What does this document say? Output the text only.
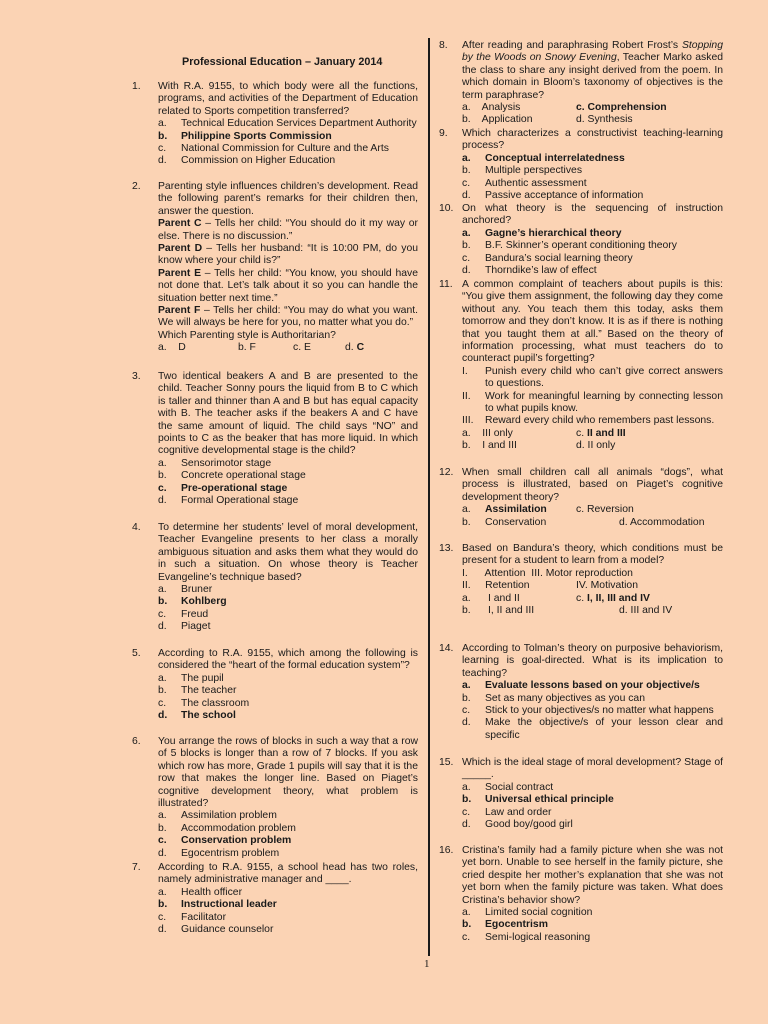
Professional Education – January 2014
1. With R.A. 9155, to which body were all the functions, programs, and activities of the Department of Education related to Sports competition transferred?
a.	Technical Education Services Department Authority
b.	Philippine Sports Commission
c.	National Commission for Culture and the Arts
d.	Commission on Higher Education
2. Parenting style influences children’s development. Read the following parent’s remarks for their children then, answer the question.
Parent C – Tells her child: “You should do it my way or else. There is no discussion.”
Parent D – Tells her husband: “It is 10:00 PM, do you know where your child is?”
Parent E – Tells her child: “You know, you should have not done that. Let’s talk about it so you can handle the situation better next time.”
Parent F – Tells her child: “You may do what you want. We will always be here for you, no matter what you do.”
Which Parenting style is Authoritarian?
a.    D	b. F	c. E	d. C
3. Two identical beakers A and B are presented to the child. Teacher Sonny pours the liquid from B to C which is taller and thinner than A and B but has equal capacity with B. The teacher asks if the beakers A and C have the same amount of liquid. The child says “NO” and points to C as the beaker that has more liquid. In which cognitive developmental stage is the child?
a.	Sensorimotor stage
b.	Concrete operational stage
c.	Pre-operational stage
d.	Formal Operational stage
4. To determine her students’ level of moral development, Teacher Evangeline presents to her class a morally ambiguous situation and asks them what they would do in such a situation. On whose theory is Teacher Evangeline’s technique based?
a.	Bruner
b.	Kohlberg
c.	Freud
d.	Piaget
5. According to R.A. 9155, which among the following is considered the “heart of the formal education system”?
a.	The pupil
b.	The teacher
c.	The classroom
d.	The school
6. You arrange the rows of blocks in such a way that a row of 5 blocks is longer than a row of 7 blocks. If you ask which row has more, Grade 1 pupils will say that it is the row that makes the longer line. Based on Piaget’s cognitive development theory, what problem is illustrated?
a.	Assimilation problem
b.	Accommodation problem
c.	Conservation problem
d.	Egocentrism problem
7. According to R.A. 9155, a school head has two roles, namely administrative manager and ____.
a.	Health officer
b.	Instructional leader
c.	Facilitator
d.	Guidance counselor
8. After reading and paraphrasing Robert Frost’s Stopping by the Woods on Snowy Evening, Teacher Marko asked the class to share any insight derived from the poem. In which domain in Bloom’s taxonomy of objectives is the term paraphrase?
a.    Analysis	c. Comprehension
b.    Application	d. Synthesis
9. Which characterizes a constructivist teaching-learning process?
a.	Conceptual interrelatedness
b.	Multiple perspectives
c.	Authentic assessment
d.	Passive acceptance of information
10. On what theory is the sequencing of instruction anchored?
a.	Gagne’s hierarchical theory
b.	B.F. Skinner’s operant conditioning theory
c.	Bandura’s social learning theory
d.	Thorndike’s law of effect
11. A common complaint of teachers about pupils is this: “You give them assignment, the following day they come without any. You teach them this today, asks them tomorrow and they don’t know. It is as if there is nothing that you taught them at all.” Based on the theory of information processing, what must teachers do to counteract pupil’s forgetting?
I.	Punish every child who can’t give correct answers to questions.
II.	Work for meaningful learning by connecting lesson to what pupils know.
III.	Reward every child who remembers past lessons.
a.    III only	c. II and III
b.    I and III	d. II only
12. When small children call all animals “dogs”, what process is illustrated, based on Piaget’s cognitive development theory?
a.	Assimilation	c. Reversion
b.	Conservation	d. Accommodation
13. Based on Bandura’s theory, which conditions must be present for a student to learn from a model?
I.      Attention  III. Motor reproduction
II.     Retention	IV. Motivation
a.      I and II	c. I, II, III and IV
b.      I, II and III	d. III and IV
14. According to Tolman’s theory on purposive behaviorism, learning is goal-directed. What is its implication to teaching?
a.	Evaluate lessons based on your objective/s
b.	Set as many objectives as you can
c.	Stick to your objectives/s no matter what happens
d.	Make the objective/s of your lesson clear and specific
15. Which is the ideal stage of moral development? Stage of _____.
a.	Social contract
b.	Universal ethical principle
c.	Law and order
d.	Good boy/good girl
16. Cristina’s family had a family picture when she was not yet born. Unable to see herself in the family picture, she cried despite her mother’s explanation that she was not yet born when the family picture was taken. What does Cristina’s behavior show?
a.	Limited social cognition
b.	Egocentrism
c.	Semi-logical reasoning
1
